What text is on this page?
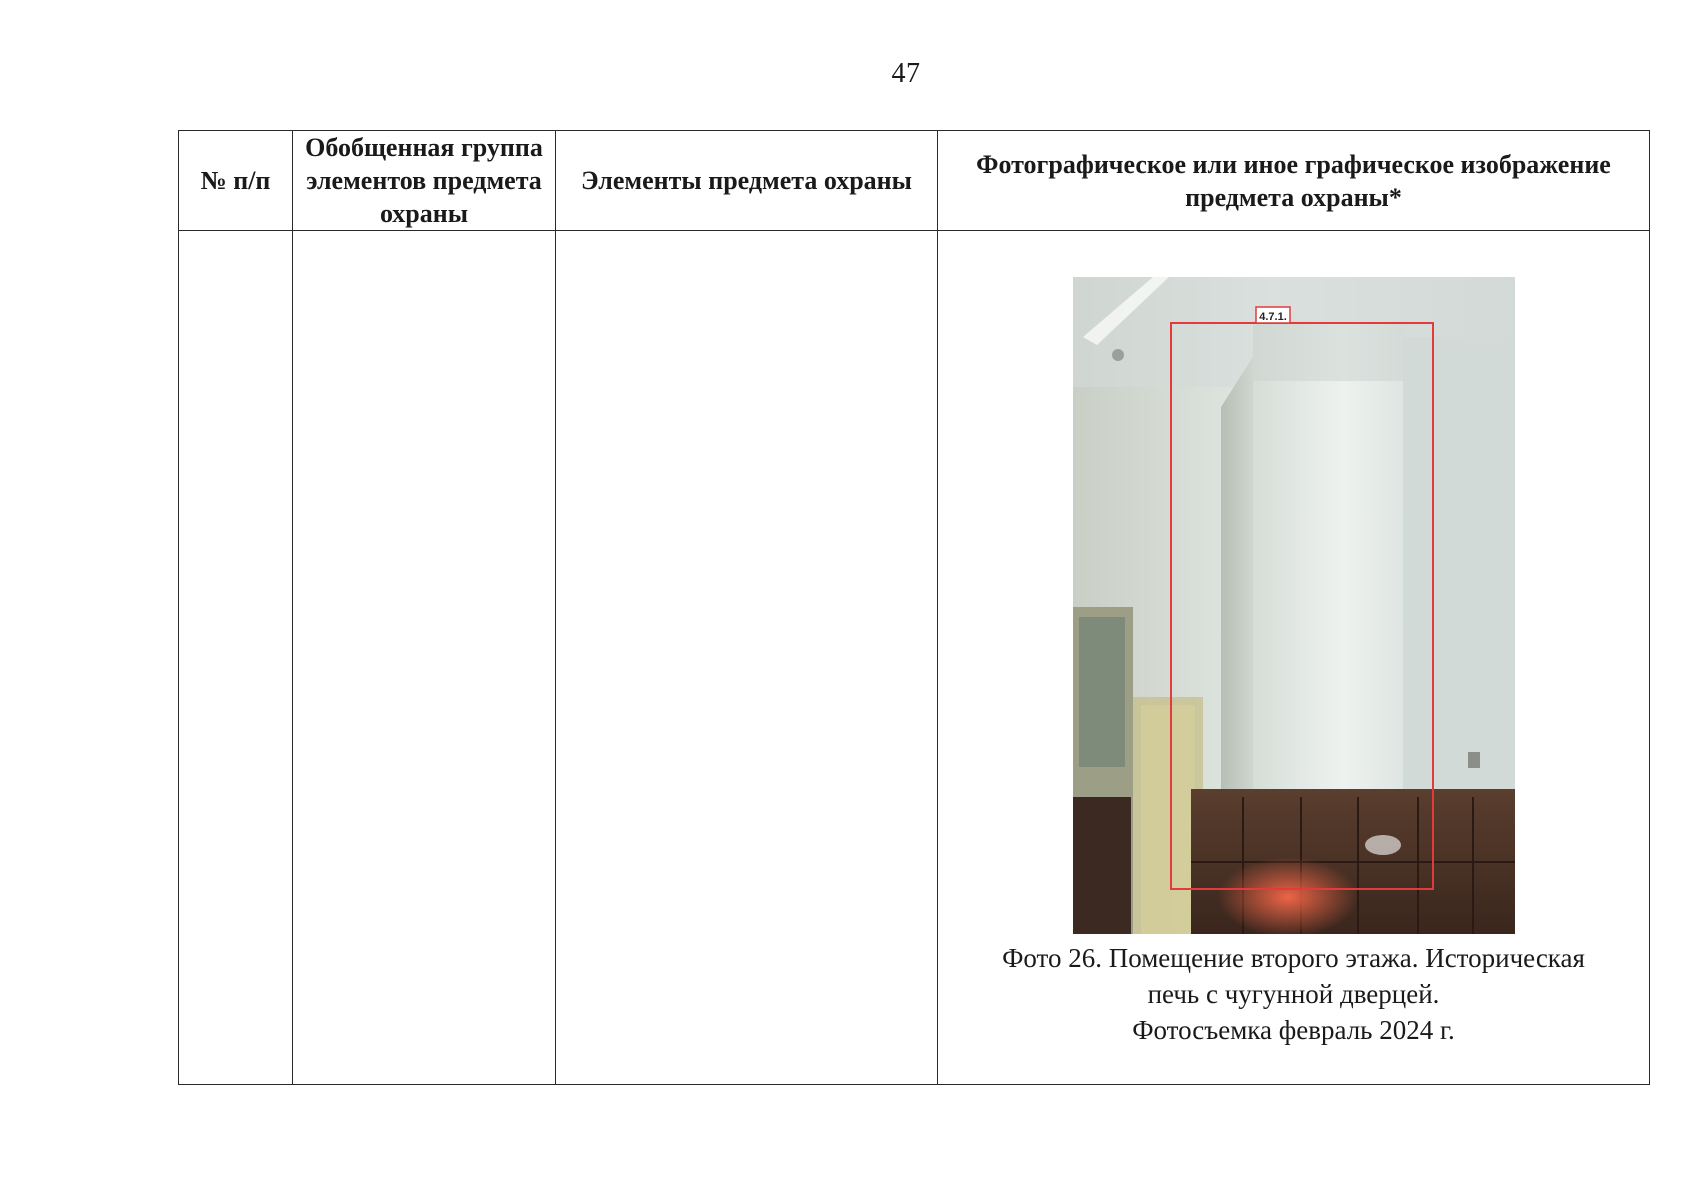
47
№ п/п	Обобщенная группа элементов предмета охраны	Элементы предмета охраны	Фотографическое или иное графическое изображение предмета охраны*

4.7.1.
Фото 26. Помещение второго этажа. Историческая
печь с чугунной дверцей.
Фотосъемка февраль 2024 г.
